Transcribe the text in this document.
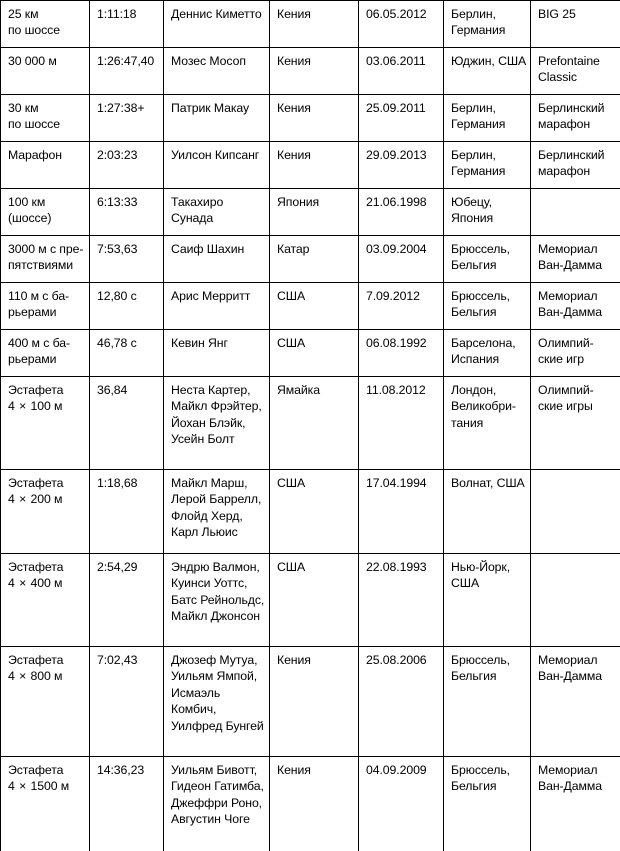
25 км
по шоссе	1:11:18	Деннис Киметто	Кения	06.05.2012	Берлин,
Германия	BIG 25

30 000 м	1:26:47,40	Мозес Мосоп	Кения	03.06.2011	Юджин, США	Prefontaine
Classic

30 км
по шоссе	1:27:38+	Патрик Макау	Кения	25.09.2011	Берлин,
Германия	Берлинский
марафон

Марафон	2:03:23	Уилсон Кипсанг	Кения	29.09.2013	Берлин,
Германия	Берлинский
марафон

100 км
(шоссе)	6:13:33	Такахиро
Сунада	Япония	21.06.1998	Юбецу,
Япония	

3000 м с пре-
пятствиями	7:53,63	Саиф Шахин	Катар	03.09.2004	Брюссель,
Бельгия	Мемориал
Ван-Дамма

110 м с ба-
рьерами	12,80 с	Арис Мерритт	США	7.09.2012	Брюссель,
Бельгия	Мемориал
Ван-Дамма

400 м с ба-
рьерами	46,78 с	Кевин Янг	США	06.08.1992	Барселона,
Испания	Олимпий-
ские игр

Эстафета
4 × 100 м	36,84	Неста Картер,
Майкл Фрэйтер,
Йохан Блэйк,
Усейн Болт	Ямайка	11.08.2012	Лондон,
Великобри-
тания	Олимпий-
ские игры

Эстафета
4 × 200 м	1:18,68	Майкл Марш,
Лерой Баррелл,
Флойд Херд,
Карл Льюис	США	17.04.1994	Волнат, США	

Эстафета
4 × 400 м	2:54,29	Эндрю Валмон,
Куинси Уоттс,
Батс Рейнольдс,
Майкл Джонсон	США	22.08.1993	Нью-Йорк,
США	

Эстафета
4 × 800 м	7:02,43	Джозеф Мутуа,
Уильям Ямпой,
Исмаэль
Комбич,
Уилфред Бунгей	Кения	25.08.2006	Брюссель,
Бельгия	Мемориал
Ван-Дамма

Эстафета
4 × 1500 м	14:36,23	Уильям Бивотт,
Гидеон Гатимба,
Джеффри Роно,
Августин Чоге	Кения	04.09.2009	Брюссель,
Бельгия	Мемориал
Ван-Дамма
